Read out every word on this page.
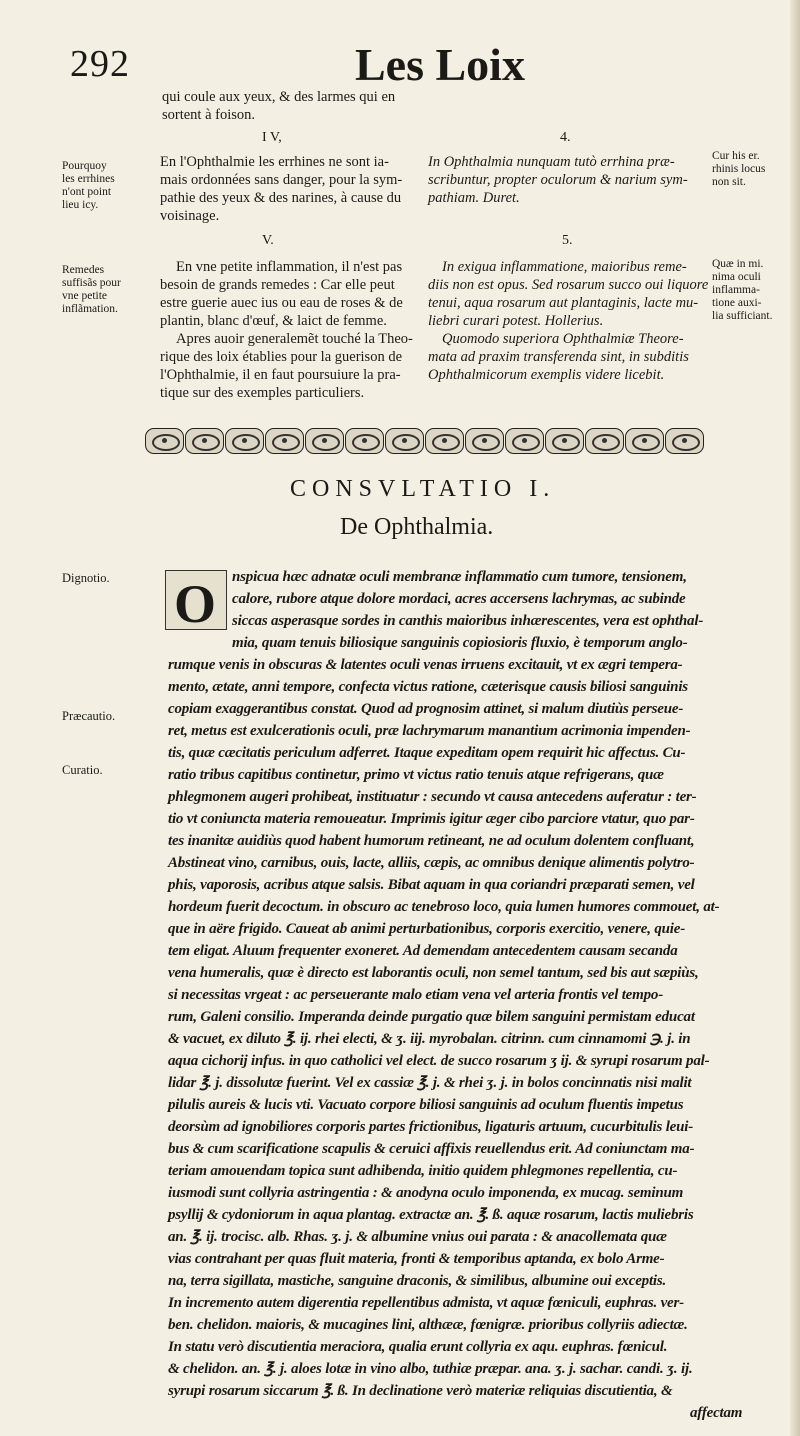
292	Les Loix
qui coule aux yeux, & des larmes qui en
sortent à foison.
I V,	4.
Pourquoy
les errhines
n'ont point
lieu icy.
En l'Ophthalmie les errhines ne sont ia-
mais ordonnées sans danger, pour la sym-
pathie des yeux & des narines, à cause du
voisinage.
In Ophthalmia nunquam tutò errhina præ-
scribuntur, propter oculorum & narium sym-
pathiam. Duret.
Cur his er.
rhinis locus
non sit.
V.	5.
Remedes
suffisãs pour
vne petite
inflãmation.
En vne petite inflammation, il n'est pas
besoin de grands remedes : Car elle peut
estre guerie auec ius ou eau de roses & de
plantin, blanc d'œuf, & laict de femme.
Apres auoir generalemẽt touché la Theo-
rique des loix établies pour la guerison de
l'Ophthalmie, il en faut poursuiure la pra-
tique sur des exemples particuliers.
In exigua inflammatione, maioribus reme-
diis non est opus. Sed rosarum succo oui liquore
tenui, aqua rosarum aut plantaginis, lacte mu-
liebri curari potest. Hollerius.
Quomodo superiora Ophthalmiæ Theore-
mata ad praxim transferenda sint, in subditis
Ophthalmicorum exemplis videre licebit.
Quæ in mi.
nima oculi
inflamma-
tione auxi-
lia sufficiant.
CONSVLTATIO I.
De Ophthalmia.
Dignotio.
Præcautio.
Curatio.
O nspicua hæc adnatæ oculi membranæ inflammatio cum tumore, tensionem,
calore, rubore atque dolore mordaci, acres accersens lachrymas, ac subinde
siccas asperasque sordes in canthis maioribus inhærescentes, vera est ophthal-
mia, quam tenuis biliosique sanguinis copiosioris fluxio, è temporum anglo-
rumque venis in obscuras & latentes oculi venas irruens excitauit, vt ex ægri tempera-
mento, ætate, anni tempore, confecta victus ratione, cæterisque causis biliosi sanguinis
copiam exaggerantibus constat. Quod ad prognosim attinet, si malum diutiùs perseue-
ret, metus est exulcerationis oculi, præ lachrymarum manantium acrimonia impenden-
tis, quæ cæcitatis periculum adferret. Itaque expeditam opem requirit hic affectus. Cu-
ratio tribus capitibus continetur, primo vt victus ratio tenuis atque refrigerans, quæ
phlegmonem augeri prohibeat, instituatur : secundo vt causa antecedens auferatur : ter-
tio vt coniuncta materia remoueatur. Imprimis igitur æger cibo parciore vtatur, quo par-
tes inanitæ auidiùs quod habent humorum retineant, ne ad oculum dolentem confluant,
Abstineat vino, carnibus, ouis, lacte, alliis, cæpis, ac omnibus denique alimentis polytro-
phis, vaporosis, acribus atque salsis. Bibat aquam in qua coriandri præparati semen, vel
hordeum fuerit decoctum. in obscuro ac tenebroso loco, quia lumen humores commouet, at-
que in aëre frigido. Caueat ab animi perturbationibus, corporis exercitio, venere, quie-
tem eligat. Aluum frequenter exoneret. Ad demendam antecedentem causam secanda
vena humeralis, quæ è directo est laborantis oculi, non semel tantum, sed bis aut sæpiùs,
si necessitas vrgeat : ac perseuerante malo etiam vena vel arteria frontis vel tempo-
rum, Galeni consilio. Imperanda deinde purgatio quæ bilem sanguini permistam educat
& vacuet, ex diluto ℥. ij. rhei electi, & ʒ. iij. myrobalan. citrinn. cum cinnamomi ℈. j. in
aqua cichorij infus. in quo catholici vel elect. de succo rosarum ʒ ij. & syrupi rosarum pal-
lidar ℥. j. dissolutæ fuerint. Vel ex cassiæ ℥. j. & rhei ʒ. j. in bolos concinnatis nisi malit
pilulis aureis & lucis vti. Vacuato corpore biliosi sanguinis ad oculum fluentis impetus
deorsùm ad ignobiliores corporis partes frictionibus, ligaturis artuum, cucurbitulis leui-
bus & cum scarificatione scapulis & ceruici affixis reuellendus erit. Ad coniunctam ma-
teriam amouendam topica sunt adhibenda, initio quidem phlegmones repellentia, cu-
iusmodi sunt collyria astringentia : & anodyna oculo imponenda, ex mucag. seminum
psyllij & cydoniorum in aqua plantag. extractæ an. ℥. ß. aquæ rosarum, lactis muliebris
an. ℥. ij. trocisc. alb. Rhas. ʒ. j. & albumine vnius oui parata : & anacollemata quæ
vias contrahant per quas fluit materia, fronti & temporibus aptanda, ex bolo Arme-
na, terra sigillata, mastiche, sanguine draconis, & similibus, albumine oui exceptis.
In incremento autem digerentia repellentibus admista, vt aquæ fœniculi, euphras. ver-
ben. chelidon. maioris, & mucagines lini, althææ, fœnigræ. prioribus collyriis adiectæ.
In statu verò discutientia meraciora, qualia erunt collyria ex aqu. euphras. fœnicul.
& chelidon. an. ℥. j. aloes lotæ in vino albo, tuthiæ præpar. ana. ʒ. j. sachar. candi. ʒ. ij.
syrupi rosarum siccarum ℥. ß. In declinatione verò materiæ reliquias discutientia, &
affectam
